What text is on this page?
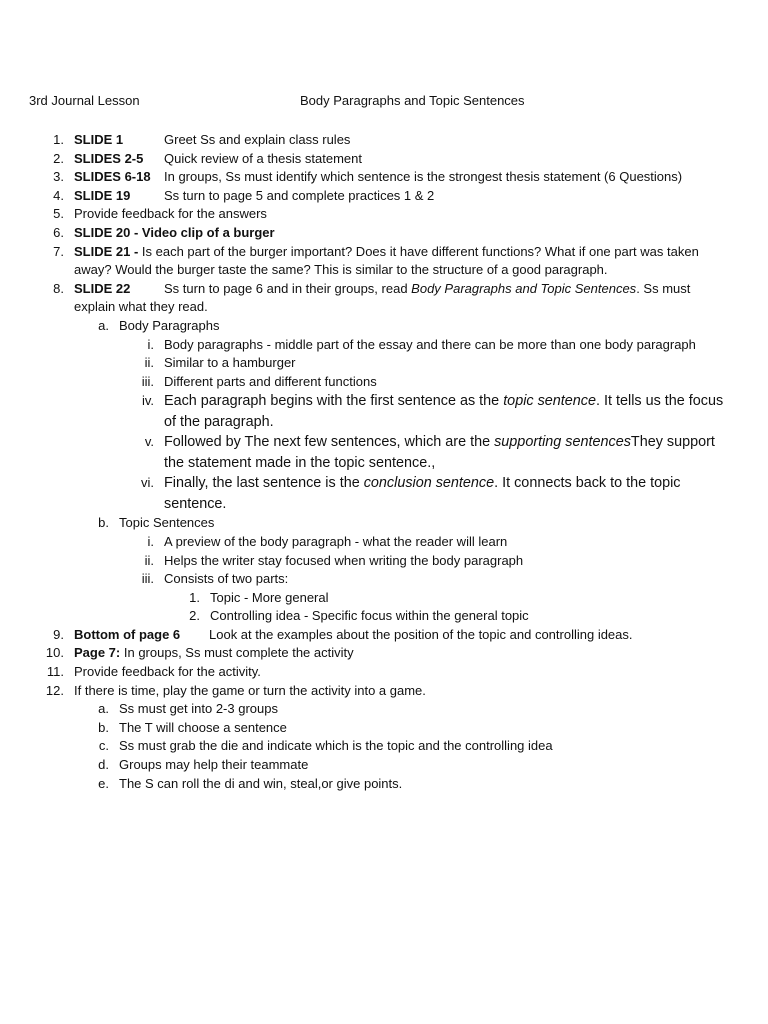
3rd Journal Lesson	Body Paragraphs and Topic Sentences
1. SLIDE 1	Greet Ss and explain class rules
2. SLIDES 2-5 Quick review of a thesis statement
3. SLIDES 6-18 In groups, Ss must identify which sentence is the strongest thesis statement (6 Questions)
4. SLIDE 19	Ss turn to page 5 and complete practices 1 & 2
5. Provide feedback for the answers
6. SLIDE 20 - Video clip of a burger
7. SLIDE 21 - Is each part of the burger important? Does it have different functions? What if one part was taken away? Would the burger taste the same? This is similar to the structure of a good paragraph.
8. SLIDE 22	Ss turn to page 6 and in their groups, read Body Paragraphs and Topic Sentences. Ss must explain what they read.
a. Body Paragraphs
i. Body paragraphs - middle part of the essay and there can be more than one body paragraph
ii. Similar to a hamburger
iii. Different parts and different functions
iv. Each paragraph begins with the first sentence as the topic sentence. It tells us the focus of the paragraph.
v. Followed by The next few sentences, which are the supporting sentencesThey support the statement made in the topic sentence.,
vi. Finally, the last sentence is the conclusion sentence. It connects back to the topic sentence.
b. Topic Sentences
i. A preview of the body paragraph - what the reader will learn
ii. Helps the writer stay focused when writing the body paragraph
iii. Consists of two parts:
1. Topic - More general
2. Controlling idea - Specific focus within the general topic
9. Bottom of page 6 Look at the examples about the position of the topic and controlling ideas.
10. Page 7: In groups, Ss must complete the activity
11. Provide feedback for the activity.
12. If there is time, play the game or turn the activity into a game.
a. Ss must get into 2-3 groups
b. The T will choose a sentence
c. Ss must grab the die and indicate which is the topic and the controlling idea
d. Groups may help their teammate
e. The S can roll the di and win, steal,or give points.
